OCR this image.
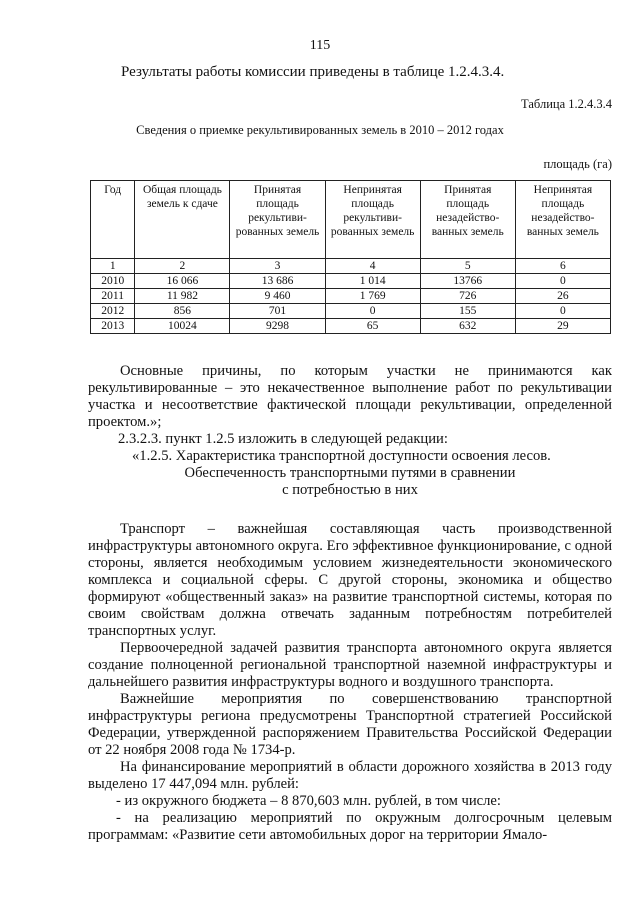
115
Результаты работы комиссии приведены в таблице 1.2.4.3.4.
Таблица 1.2.4.3.4
Сведения о приемке рекультивированных земель в 2010 – 2012 годах
площадь (га)
Год	Общая площадь земель к сдаче	Принятая площадь рекультиви-рованных земель	Непринятая площадь рекультиви-рованных земель	Принятая площадь незадейство-ванных земель	Непринятая площадь незадейство-ванных земель
1	2	3	4	5	6
2010	16 066	13 686	1 014	13766	0
2011	11 982	9 460	1 769	726	26
2012	856	701	0	155	0
2013	10024	9298	65	632	29

Основные причины, по которым участки не принимаются как рекультивированные – это некачественное выполнение работ по рекультивации участка и несоответствие фактической площади рекультивации, определенной проектом.»;

2.3.2.3. пункт 1.2.5 изложить в следующей редакции:

«1.2.5. Характеристика транспортной доступности освоения лесов.

Обеспеченность транспортными путями в сравнении

с потребностью в них

Транспорт – важнейшая составляющая часть производственной инфраструктуры автономного округа. Его эффективное функционирование, с одной стороны, является необходимым условием жизнедеятельности экономического комплекса и социальной сферы. С другой стороны, экономика и общество формируют «общественный заказ» на развитие транспортной системы, которая по своим свойствам должна отвечать заданным потребностям потребителей транспортных услуг.

Первоочередной задачей развития транспорта автономного округа является создание полноценной региональной транспортной наземной инфраструктуры и дальнейшего развития инфраструктуры водного и воздушного транспорта.

Важнейшие мероприятия по совершенствованию транспортной инфраструктуры региона предусмотрены Транспортной стратегией Российской Федерации, утвержденной распоряжением Правительства Российской Федерации от 22 ноября 2008 года № 1734-р.

На финансирование мероприятий в области дорожного хозяйства в 2013 году выделено 17 447,094 млн. рублей:

- из окружного бюджета – 8 870,603 млн. рублей, в том числе:

- на реализацию мероприятий по окружным долгосрочным целевым программам: «Развитие сети автомобильных дорог на территории Ямало-
